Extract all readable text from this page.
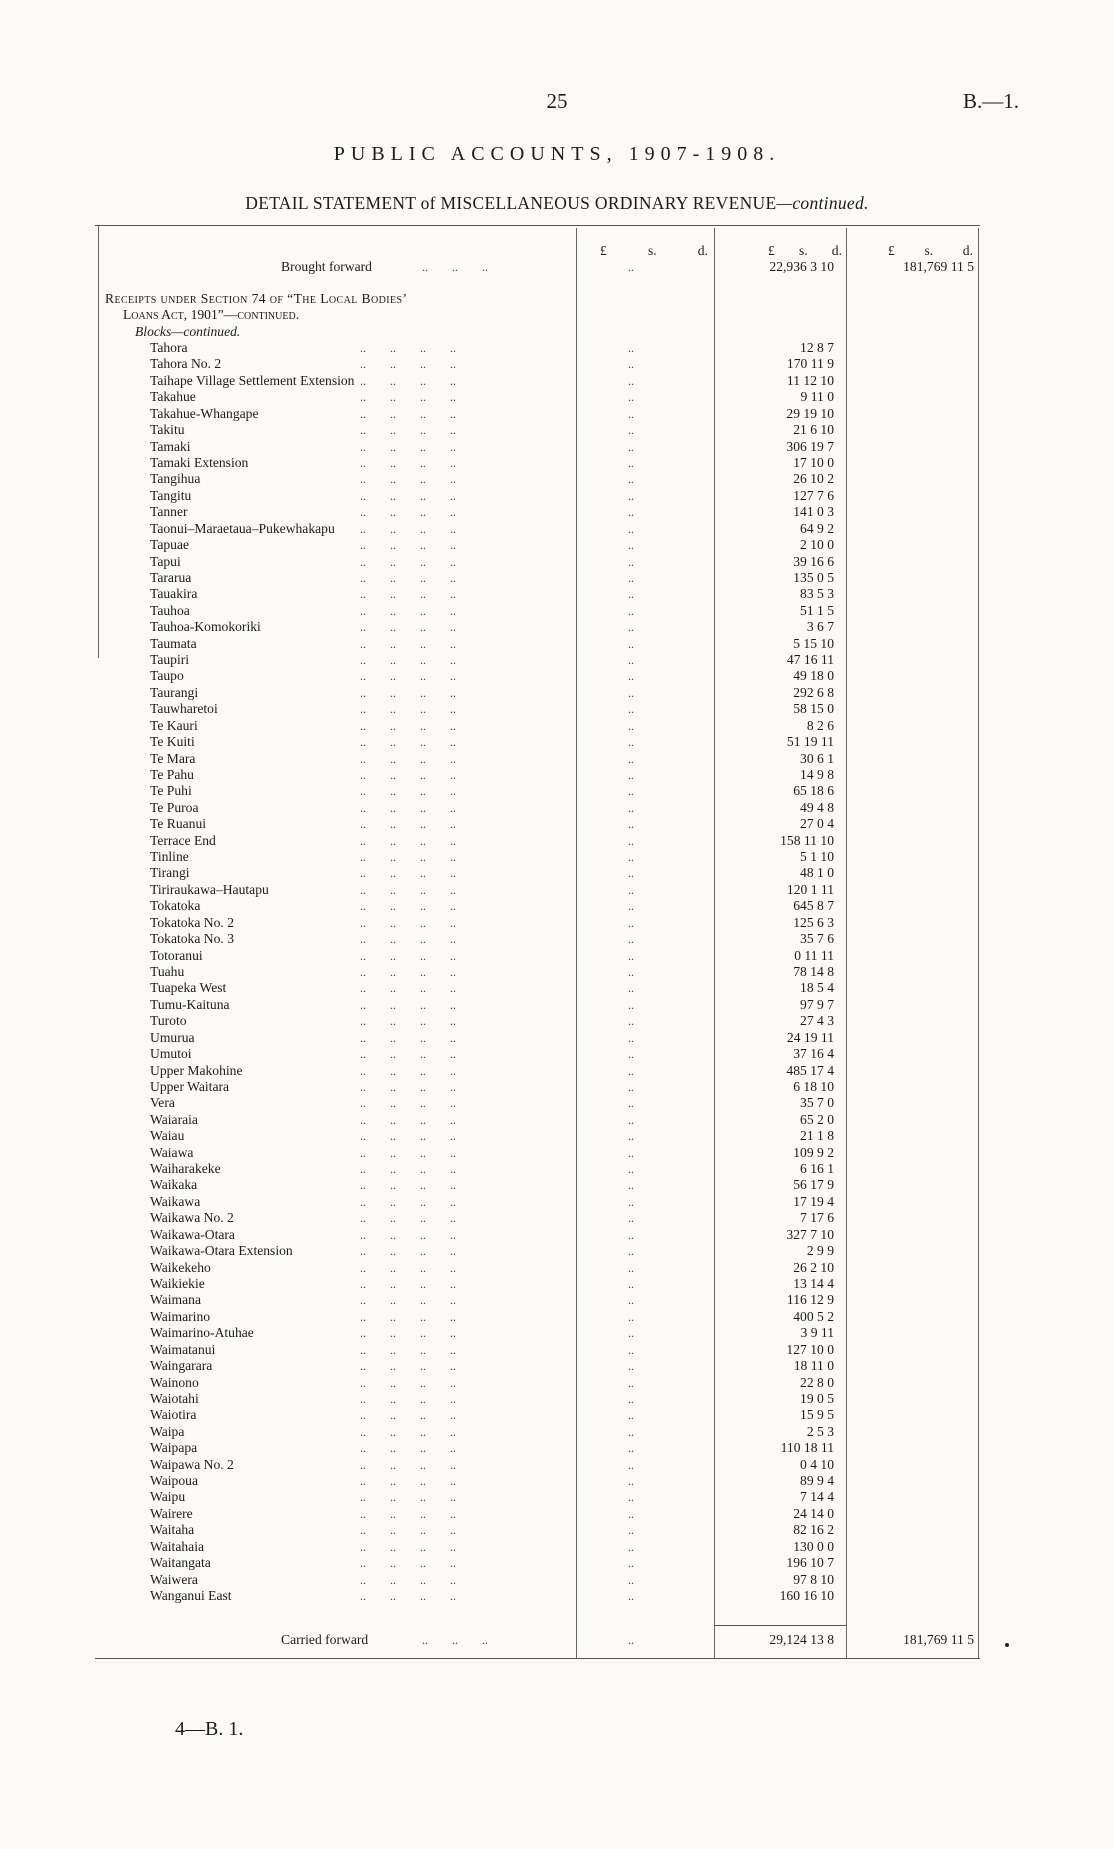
25	B.—1.
PUBLIC ACCOUNTS, 1907-1908.
DETAIL STATEMENT of MISCELLANEOUS ORDINARY REVENUE—continued.
£	s.	d.	£ s. d.	£ s. d.
Brought forward	..        ..        ..	..	22,936 3 10	181,769 11 5
Receipts under Section 74 of “The Local Bodies’
Loans Act, 1901”—continued.
Blocks—continued.
Tahora	..        ..        ..        ..	..	12 8 7
Tahora No. 2	..        ..        ..        ..	..	170 11 9
Taihape Village Settlement Extension ..        ..        ..        ..	..	11 12 10
Takahue	..        ..        ..        ..	..	9 11 0
Takahue-Whangape	..        ..        ..        ..	..	29 19 10
Takitu	..        ..        ..        ..	..	21 6 10
Tamaki	..        ..        ..        ..	..	306 19 7
Tamaki Extension	..        ..        ..        ..	..	17 10 0
Tangihua	..        ..        ..        ..	..	26 10 2
Tangitu	..        ..        ..        ..	..	127 7 6
Tanner	..        ..        ..        ..	..	141 0 3
Taonui–Maraetaua–Pukewhakapu ..        ..        ..        ..	..	64 9 2
Tapuae	..        ..        ..        ..	..	2 10 0
Tapui	..        ..        ..        ..	..	39 16 6
Tararua	..        ..        ..        ..	..	135 0 5
Tauakira	..        ..        ..        ..	..	83 5 3
Tauhoa	..        ..        ..        ..	..	51 1 5
Tauhoa-Komokoriki	..        ..        ..        ..	..	3 6 7
Taumata	..        ..        ..        ..	..	5 15 10
Taupiri	..        ..        ..        ..	..	47 16 11
Taupo	..        ..        ..        ..	..	49 18 0
Taurangi	..        ..        ..        ..	..	292 6 8
Tauwharetoi	..        ..        ..        ..	..	58 15 0
Te Kauri	..        ..        ..        ..	..	8 2 6
Te Kuiti	..        ..        ..        ..	..	51 19 11
Te Mara	..        ..        ..        ..	..	30 6 1
Te Pahu	..        ..        ..        ..	..	14 9 8
Te Puhi	..        ..        ..        ..	..	65 18 6
Te Puroa	..        ..        ..        ..	..	49 4 8
Te Ruanui	..        ..        ..        ..	..	27 0 4
Terrace End	..        ..        ..        ..	..	158 11 10
Tinline	..        ..        ..        ..	..	5 1 10
Tirangi	..        ..        ..        ..	..	48 1 0
Tiriraukawa–Hautapu	..        ..        ..        ..	..	120 1 11
Tokatoka	..        ..        ..        ..	..	645 8 7
Tokatoka No. 2	..        ..        ..        ..	..	125 6 3
Tokatoka No. 3	..        ..        ..        ..	..	35 7 6
Totoranui	..        ..        ..        ..	..	0 11 11
Tuahu	..        ..        ..        ..	..	78 14 8
Tuapeka West	..        ..        ..        ..	..	18 5 4
Tumu-Kaituna	..        ..        ..        ..	..	97 9 7
Turoto	..        ..        ..        ..	..	27 4 3
Umurua	..        ..        ..        ..	..	24 19 11
Umutoi	..        ..        ..        ..	..	37 16 4
Upper Makohine	..        ..        ..        ..	..	485 17 4
Upper Waitara	..        ..        ..        ..	..	6 18 10
Vera	..        ..        ..        ..	..	35 7 0
Waiaraia	..        ..        ..        ..	..	65 2 0
Waiau	..        ..        ..        ..	..	21 1 8
Waiawa	..        ..        ..        ..	..	109 9 2
Waiharakeke	..        ..        ..        ..	..	6 16 1
Waikaka	..        ..        ..        ..	..	56 17 9
Waikawa	..        ..        ..        ..	..	17 19 4
Waikawa No. 2	..        ..        ..        ..	..	7 17 6
Waikawa-Otara	..        ..        ..        ..	..	327 7 10
Waikawa-Otara Extension	..        ..        ..        ..	..	2 9 9
Waikekeho	..        ..        ..        ..	..	26 2 10
Waikiekie	..        ..        ..        ..	..	13 14 4
Waimana	..        ..        ..        ..	..	116 12 9
Waimarino	..        ..        ..        ..	..	400 5 2
Waimarino-Atuhae	..        ..        ..        ..	..	3 9 11
Waimatanui	..        ..        ..        ..	..	127 10 0
Waingarara	..        ..        ..        ..	..	18 11 0
Wainono	..        ..        ..        ..	..	22 8 0
Waiotahi	..        ..        ..        ..	..	19 0 5
Waiotira	..        ..        ..        ..	..	15 9 5
Waipa	..        ..        ..        ..	..	2 5 3
Waipapa	..        ..        ..        ..	..	110 18 11
Waipawa No. 2	..        ..        ..        ..	..	0 4 10
Waipoua	..        ..        ..        ..	..	89 9 4
Waipu	..        ..        ..        ..	..	7 14 4
Wairere	..        ..        ..        ..	..	24 14 0
Waitaha	..        ..        ..        ..	..	82 16 2
Waitahaia	..        ..        ..        ..	..	130 0 0
Waitangata	..        ..        ..        ..	..	196 10 7
Waiwera	..        ..        ..        ..	..	97 8 10
Wanganui East	..        ..        ..        ..	..	160 16 10
Carried forward	..        ..        ..	..	29,124 13 8	181,769 11 5
4—B. 1.
